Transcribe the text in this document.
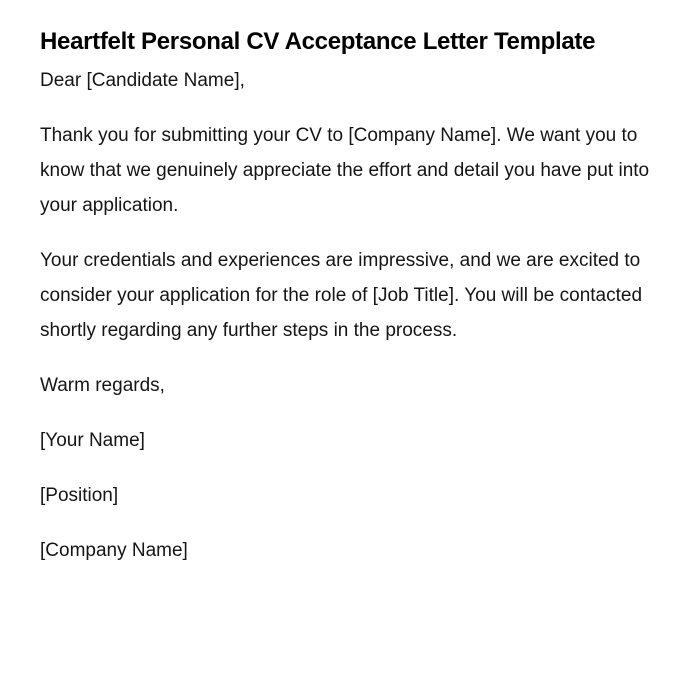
Heartfelt Personal CV Acceptance Letter Template

Dear [Candidate Name],

Thank you for submitting your CV to [Company Name]. We want you to know that we genuinely appreciate the effort and detail you have put into your application.

Your credentials and experiences are impressive, and we are excited to consider your application for the role of [Job Title]. You will be contacted shortly regarding any further steps in the process.

Warm regards,

[Your Name]

[Position]

[Company Name]
